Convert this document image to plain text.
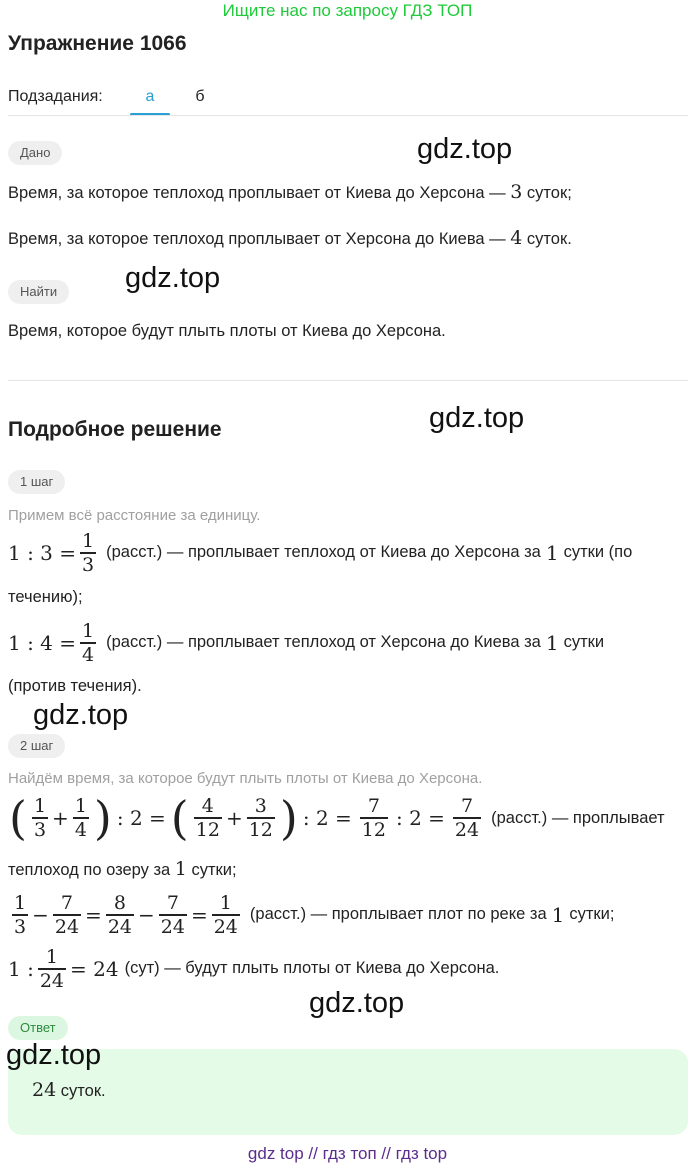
Ищите нас по запросу ГДЗ ТОП
Упражнение 1066
Подзадания:	а	б
Дано
Время, за которое теплоход проплывает от Киева до Херсона — 3 суток;
Время, за которое теплоход проплывает от Херсона до Киева — 4 суток.
Найти
Время, которое будут плыть плоты от Киева до Херсона.
Подробное решение
1 шаг
Примем всё расстояние за единицу.
1 : $3 = \frac{1}{3}$ (расст.) — проплывает теплоход от Киева до Херсона за 1 сутки (по
течению);
1 : $4 = \frac{1}{4}$ (расст.) — проплывает теплоход от Херсона до Киева за 1 сутки
(против течения).
2 шаг
Найдём время, за которое будут плыть плоты от Киева до Херсона.
( $\frac{1}{3} + \frac{1}{4}$ ) : 2 = ( $\frac{4}{12} + \frac{3}{12}$ ) : $2 = \frac{7}{12}$ : $2 = \frac{7}{24}$ (расст.) — проплывает
теплоход по озеру за 1 сутки;
$\frac{1}{3} - \frac{7}{24} = \frac{8}{24} - \frac{7}{24} = \frac{1}{24}$ (расст.) — проплывает плот по реке за 1 сутки;
1 : $\frac{1}{24} = 24$ (сут) — будут плыть плоты от Киева до Херсона.
Ответ
24 суток.
gdz.top
gdz.top
gdz.top
gdz.top
gdz.top
gdz.top
gdz top // гдз топ // гдз top
